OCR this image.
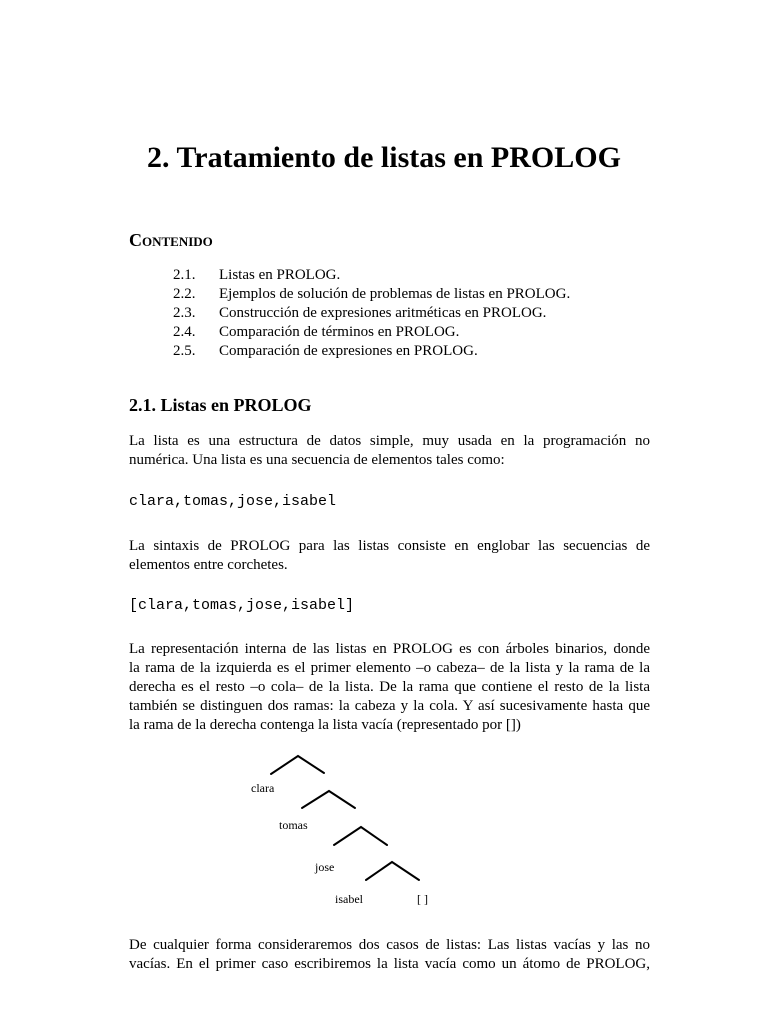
2. Tratamiento de listas en PROLOG
CONTENIDO
2.1.	Listas en PROLOG.
2.2.	Ejemplos de solución de problemas de listas en PROLOG.
2.3.	Construcción de expresiones aritméticas en PROLOG.
2.4.	Comparación de términos en PROLOG.
2.5.	Comparación de expresiones en PROLOG.
2.1. Listas en PROLOG
La lista es una estructura de datos simple, muy usada en la programación no
numérica. Una lista es una secuencia de elementos tales como:
clara,tomas,jose,isabel
La sintaxis de PROLOG para las listas consiste en englobar las secuencias de
elementos entre corchetes.
[clara,tomas,jose,isabel]
La representación interna de las listas en PROLOG es con árboles binarios, donde
la rama de la izquierda es el primer elemento –o cabeza– de la lista y la rama de la
derecha es el resto –o cola– de la lista. De la rama que contiene el resto de la lista
también se distinguen dos ramas: la cabeza y la cola. Y así sucesivamente hasta que
la rama de la derecha contenga la lista vacía (representado por [])
clara
tomas
jose
isabel	[ ]
De cualquier forma consideraremos dos casos de listas: Las listas vacías y las no
vacías. En el primer caso escribiremos la lista vacía como un átomo de PROLOG,
